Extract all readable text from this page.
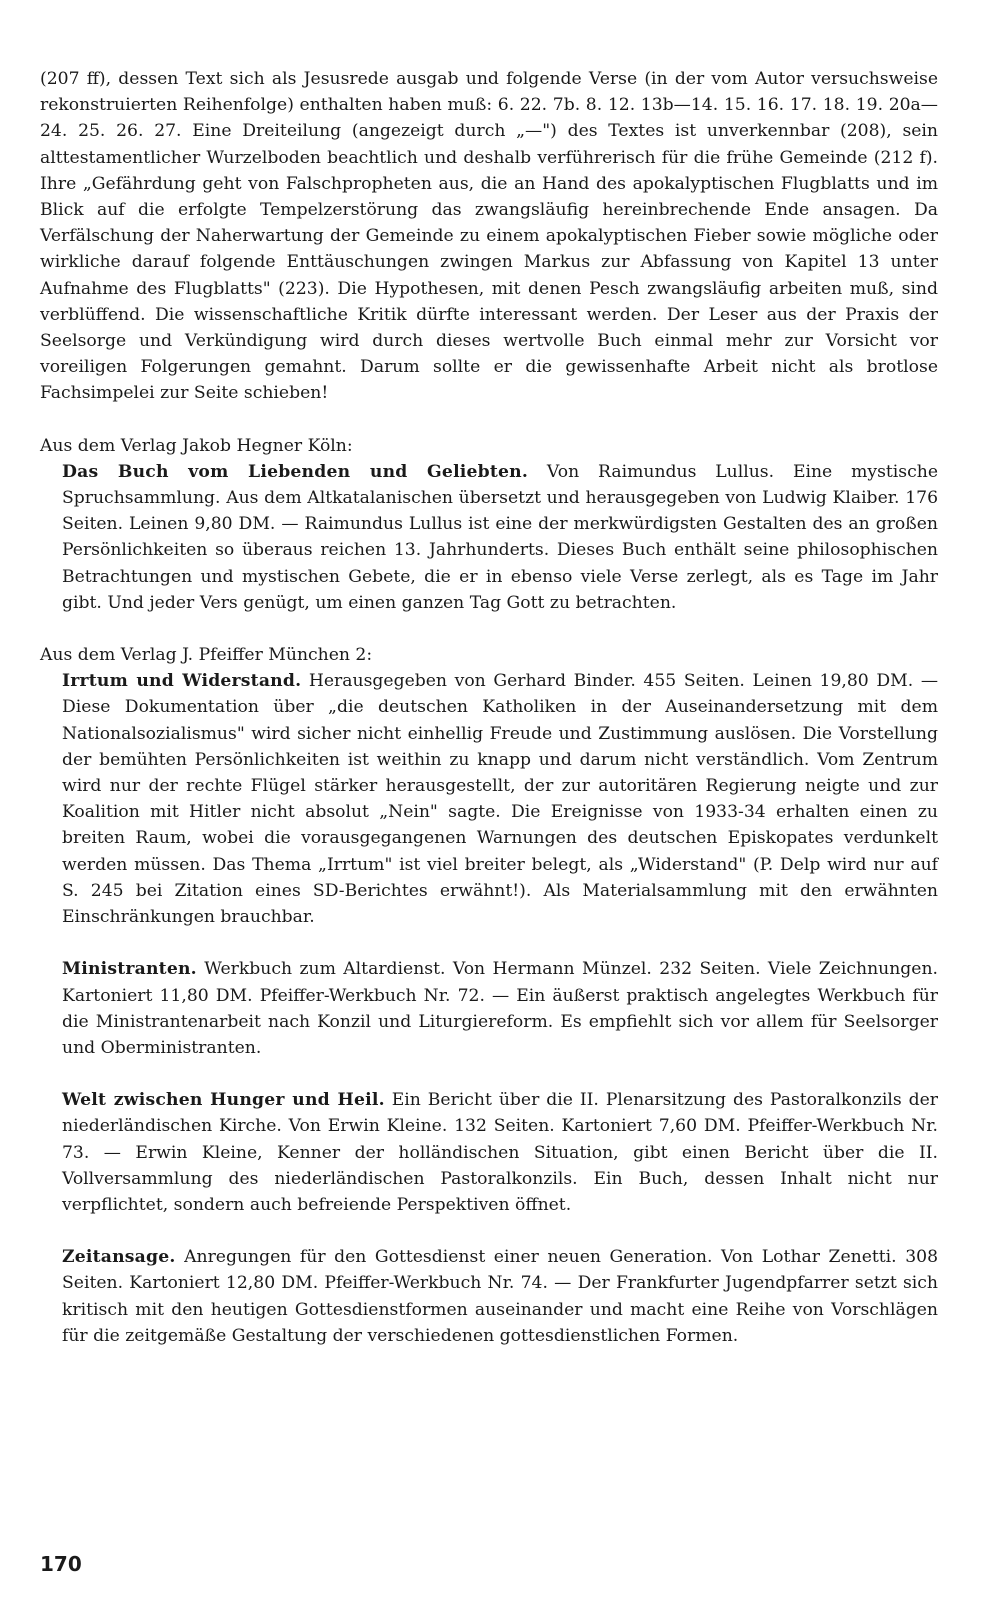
(207 ff), dessen Text sich als Jesusrede ausgab und folgende Verse (in der vom Autor versuchsweise rekonstruierten Reihenfolge) enthalten haben muß: 6. 22. 7b. 8. 12. 13b—14. 15. 16. 17. 18. 19. 20a—24. 25. 26. 27. Eine Dreiteilung (angezeigt durch „—") des Textes ist unverkennbar (208), sein alttestamentlicher Wurzelboden beachtlich und deshalb verführerisch für die frühe Gemeinde (212 f). Ihre „Gefährdung geht von Falschpropheten aus, die an Hand des apokalyptischen Flugblatts und im Blick auf die erfolgte Tempelzerstörung das zwangsläufig hereinbrechende Ende ansagen. Da Verfälschung der Naherwartung der Gemeinde zu einem apokalyptischen Fieber sowie mögliche oder wirkliche darauf folgende Enttäuschungen zwingen Markus zur Abfassung von Kapitel 13 unter Aufnahme des Flugblatts" (223). Die Hypothesen, mit denen Pesch zwangsläufig arbeiten muß, sind verblüffend. Die wissenschaftliche Kritik dürfte interessant werden. Der Leser aus der Praxis der Seelsorge und Verkündigung wird durch dieses wertvolle Buch einmal mehr zur Vorsicht vor voreiligen Folgerungen gemahnt. Darum sollte er die gewissenhafte Arbeit nicht als brotlose Fachsimpelei zur Seite schieben!

Aus dem Verlag Jakob Hegner Köln:

Das Buch vom Liebenden und Geliebten. Von Raimundus Lullus. Eine mystische Spruchsammlung. Aus dem Altkatalanischen übersetzt und herausgegeben von Ludwig Klaiber. 176 Seiten. Leinen 9,80 DM. — Raimundus Lullus ist eine der merkwürdigsten Gestalten des an großen Persönlichkeiten so überaus reichen 13. Jahrhunderts. Dieses Buch enthält seine philosophischen Betrachtungen und mystischen Gebete, die er in ebenso viele Verse zerlegt, als es Tage im Jahr gibt. Und jeder Vers genügt, um einen ganzen Tag Gott zu betrachten.

Aus dem Verlag J. Pfeiffer München 2:

Irrtum und Widerstand. Herausgegeben von Gerhard Binder. 455 Seiten. Leinen 19,80 DM. — Diese Dokumentation über „die deutschen Katholiken in der Auseinandersetzung mit dem Nationalsozialismus" wird sicher nicht einhellig Freude und Zustimmung auslösen. Die Vorstellung der bemühten Persönlichkeiten ist weithin zu knapp und darum nicht verständlich. Vom Zentrum wird nur der rechte Flügel stärker herausgestellt, der zur autoritären Regierung neigte und zur Koalition mit Hitler nicht absolut „Nein" sagte. Die Ereignisse von 1933-34 erhalten einen zu breiten Raum, wobei die vorausgegangenen Warnungen des deutschen Episkopates verdunkelt werden müssen. Das Thema „Irrtum" ist viel breiter belegt, als „Widerstand" (P. Delp wird nur auf S. 245 bei Zitation eines SD-Berichtes erwähnt!). Als Materialsammlung mit den erwähnten Einschränkungen brauchbar.

Ministranten. Werkbuch zum Altardienst. Von Hermann Münzel. 232 Seiten. Viele Zeichnungen. Kartoniert 11,80 DM. Pfeiffer-Werkbuch Nr. 72. — Ein äußerst praktisch angelegtes Werkbuch für die Ministrantenarbeit nach Konzil und Liturgiereform. Es empfiehlt sich vor allem für Seelsorger und Oberministranten.

Welt zwischen Hunger und Heil. Ein Bericht über die II. Plenarsitzung des Pastoralkonzils der niederländischen Kirche. Von Erwin Kleine. 132 Seiten. Kartoniert 7,60 DM. Pfeiffer-Werkbuch Nr. 73. — Erwin Kleine, Kenner der holländischen Situation, gibt einen Bericht über die II. Vollversammlung des niederländischen Pastoralkonzils. Ein Buch, dessen Inhalt nicht nur verpflichtet, sondern auch befreiende Perspektiven öffnet.

Zeitansage. Anregungen für den Gottesdienst einer neuen Generation. Von Lothar Zenetti. 308 Seiten. Kartoniert 12,80 DM. Pfeiffer-Werkbuch Nr. 74. — Der Frankfurter Jugendpfarrer setzt sich kritisch mit den heutigen Gottesdienstformen auseinander und macht eine Reihe von Vorschlägen für die zeitgemäße Gestaltung der verschiedenen gottesdienstlichen Formen.

170
